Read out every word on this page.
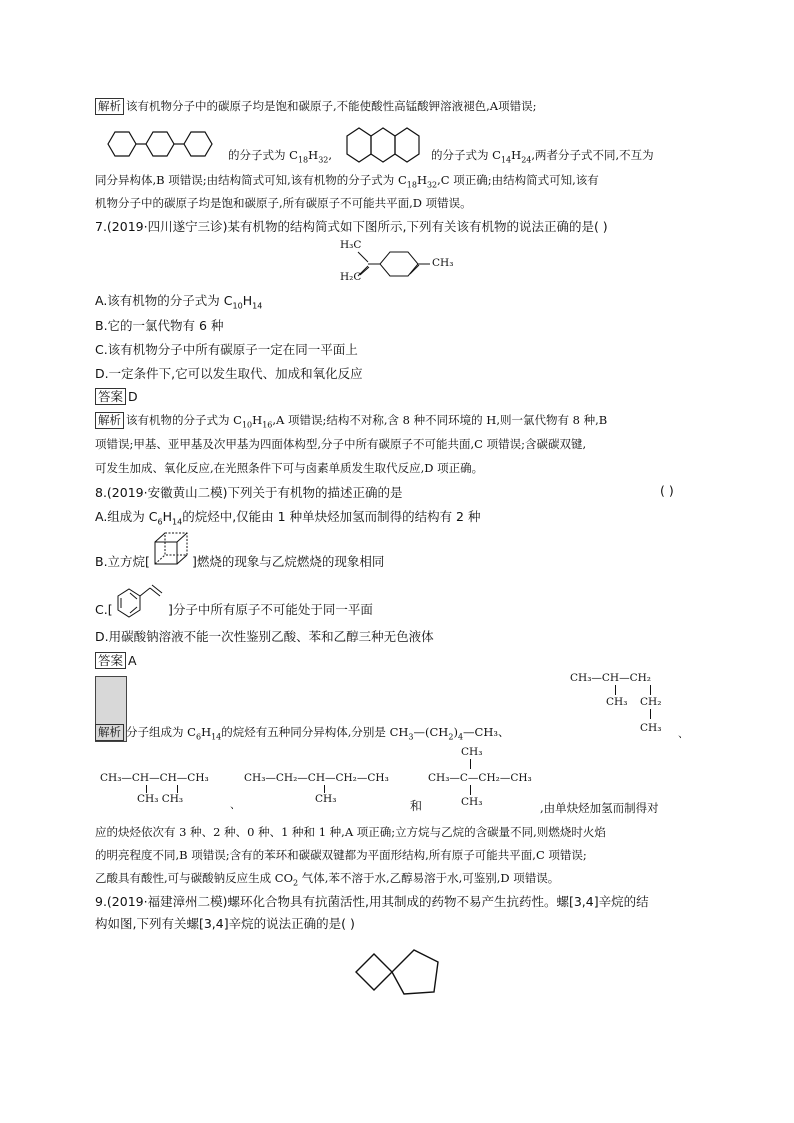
解析 该有机物分子中的碳原子均是饱和碳原子,不能使酸性高锰酸钾溶液褪色,A项错误;
的分子式为 $C_{18}H_{32}$,	的分子式为 $C_{14}H_{24}$,两者分子式不同,不互为
同分异构体,B 项错误;由结构简式可知,该有机物的分子式为 $C_{18}H_{32},C$ 项正确;由结构简式可知,该有
机物分子中的碳原子均是饱和碳原子,所有碳原子不可能共平面,D 项错误。
7.(2019·四川遂宁三诊)某有机物的结构简式如下图所示,下列有关该有机物的说法正确的是( )
H₃C
H₂C
CH₃
A.该有机物的分子式为 $C_{10}H_{14}$
B.它的一氯代物有 6 种
C.该有机物分子中所有碳原子一定在同一平面上
D.一定条件下,它可以发生取代、加成和氧化反应
答案 D
解析 该有机物的分子式为 $C_{10}H_{16},A$ 项错误;结构不对称,含 8 种不同环境的 H,则一氯代物有 8 种,B
项错误;甲基、亚甲基及次甲基为四面体构型,分子中所有碳原子不可能共面,C 项错误;含碳碳双键,
可发生加成、氧化反应,在光照条件下可与卤素单质发生取代反应,D 项正确。
8.(2019·安徽黄山二模)下列关于有机物的描述正确的是	( )
A.组成为 $C_6H_{14}$的烷烃中,仅能由 1 种单炔烃加氢而制得的结构有 2 种
B.立方烷[	]燃烧的现象与乙烷燃烧的现象相同
C.[	]分子中所有原子不可能处于同一平面
D.用碳酸钠溶液不能一次性鉴别乙酸、苯和乙醇三种无色液体
答案 A
CH₃—CH—CH₂
CH₃ CH₂
CH₃ 、
解析 分子组成为 $C_6H_{14}$的烷烃有五种同分异构体,分别是 $CH_3—(CH_2)_4—CH_3$、
CH₃—CH—CH—CH₃
CH₃ CH₃	、
CH₃—CH₂—CH—CH₂—CH₃
CH₃	和
CH₃
CH₃—C—CH₂—CH₃
CH₃	,由单炔烃加氢而制得对
应的炔烃依次有 3 种、2 种、0 种、1 种和 1 种,A 项正确;立方烷与乙烷的含碳量不同,则燃烧时火焰
的明亮程度不同,B 项错误;含有的苯环和碳碳双键都为平面形结构,所有原子可能共平面,C 项错误;
乙酸具有酸性,可与碳酸钠反应生成 $CO_2$ 气体,苯不溶于水,乙醇易溶于水,可鉴别,D 项错误。
9.(2019·福建漳州二模)螺环化合物具有抗菌活性,用其制成的药物不易产生抗药性。螺[3,4]辛烷的结
构如图,下列有关螺[3,4]辛烷的说法正确的是( )
